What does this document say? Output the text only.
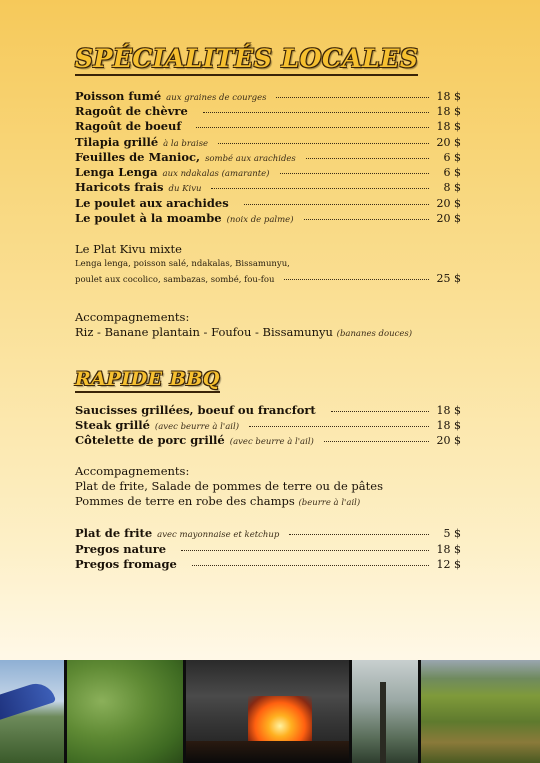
SPÉCIALITÉS LOCALES
Poisson fumé aux graines de courges	18 $
Ragoût de chèvre	18 $
Ragoût de boeuf	18 $
Tilapia grillé à la braise	20 $
Feuilles de Manioc, sombé aux arachides	6 $
Lenga Lenga aux ndakalas (amarante)	6 $
Haricots frais du Kivu	8 $
Le poulet aux arachides	20 $
Le poulet à la moambe (noix de palme)	20 $
Le Plat Kivu mixte
Lenga lenga, poisson salé, ndakalas, Bissamunyu,
poulet aux cocolico, sambazas, sombé, fou-fou	25 $
Accompagnements:
Riz - Banane plantain - Foufou - Bissamunyu (bananes douces)
RAPIDE BBQ
Saucisses grillées, boeuf ou francfort	18 $
Steak grillé (avec beurre à l'ail)	18 $
Côtelette de porc grillé (avec beurre à l'ail)	20 $
Accompagnements:
Plat de frite, Salade de pommes de terre ou de pâtes
Pommes de terre en robe des champs (beurre à l'ail)
Plat de frite avec mayonnaise et ketchup	5 $
Pregos nature	18 $
Pregos fromage	12 $
